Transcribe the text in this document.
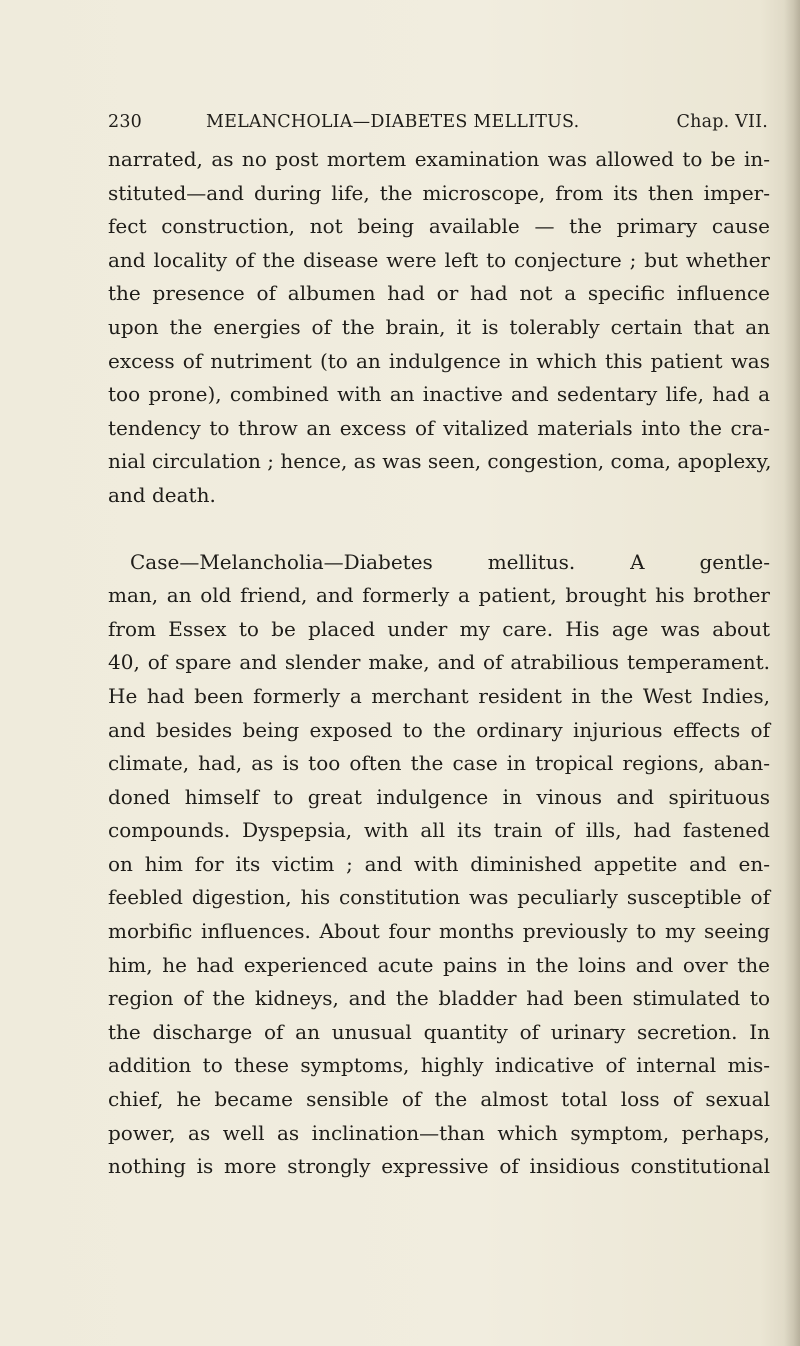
230	MELANCHOLIA—DIABETES MELLITUS.	Chap. VII.
narrated, as no post mortem examination was allowed to be in-
stituted—and during life, the microscope, from its then imper-
fect construction, not being available — the primary cause
and locality of the disease were left to conjecture ; but whether
the presence of albumen had or had not a specific influence
upon the energies of the brain, it is tolerably certain that an
excess of nutriment (to an indulgence in which this patient was
too prone), combined with an inactive and sedentary life, had a
tendency to throw an excess of vitalized materials into the cra-
nial circulation ; hence, as was seen, congestion, coma, apoplexy,
and death.
Case—Melancholia—Diabetes mellitus. A gentle-
man, an old friend, and formerly a patient, brought his brother
from Essex to be placed under my care. His age was about
40, of spare and slender make, and of atrabilious temperament.
He had been formerly a merchant resident in the West Indies,
and besides being exposed to the ordinary injurious effects of
climate, had, as is too often the case in tropical regions, aban-
doned himself to great indulgence in vinous and spirituous
compounds. Dyspepsia, with all its train of ills, had fastened
on him for its victim ; and with diminished appetite and en-
feebled digestion, his constitution was peculiarly susceptible of
morbific influences. About four months previously to my seeing
him, he had experienced acute pains in the loins and over the
region of the kidneys, and the bladder had been stimulated to
the discharge of an unusual quantity of urinary secretion. In
addition to these symptoms, highly indicative of internal mis-
chief, he became sensible of the almost total loss of sexual
power, as well as inclination—than which symptom, perhaps,
nothing is more strongly expressive of insidious constitutional
